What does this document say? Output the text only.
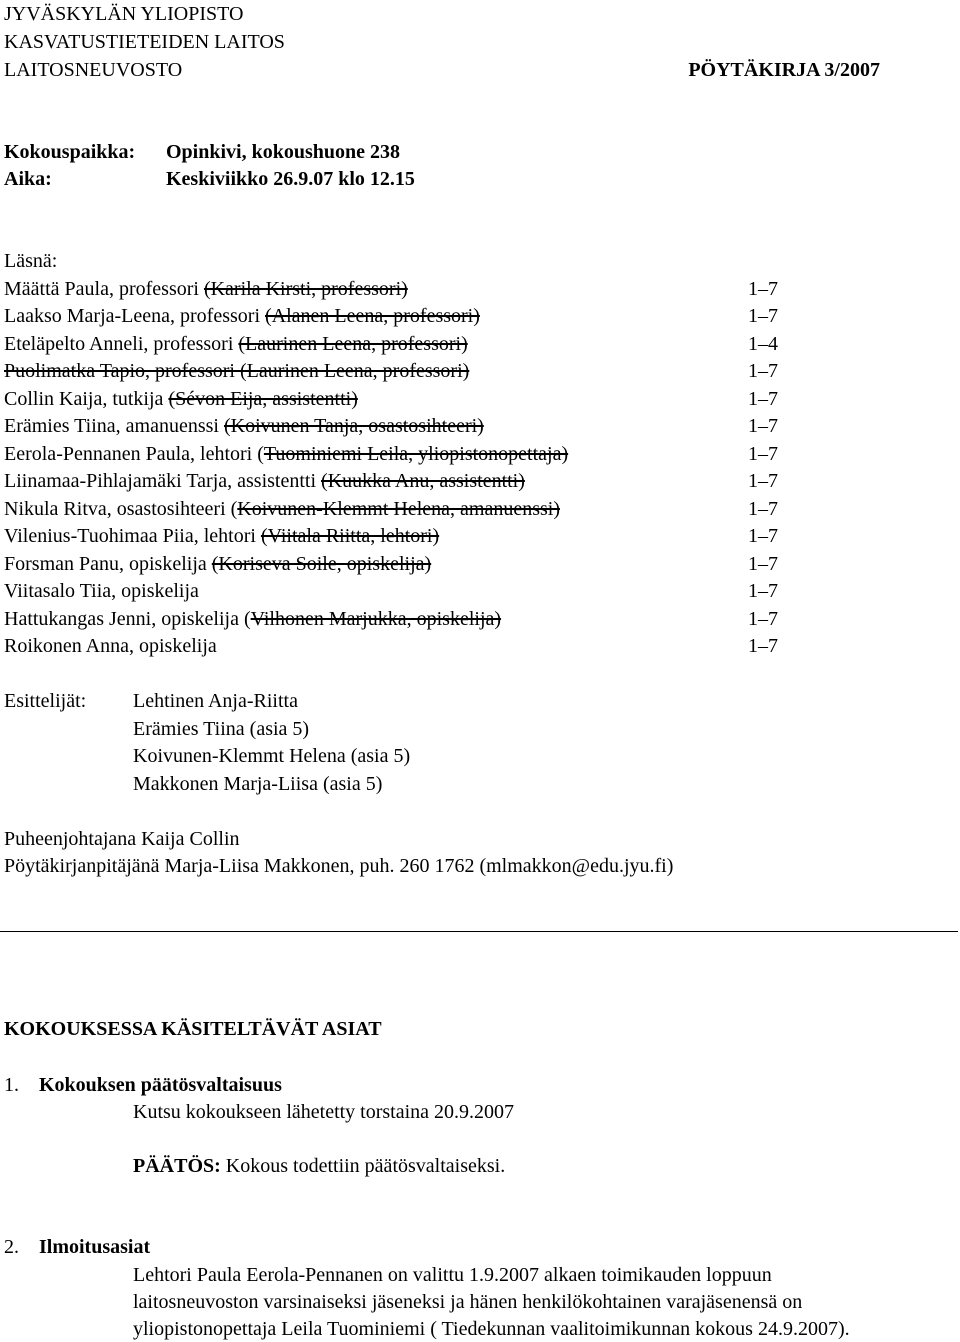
JYVÄSKYLÄN YLIOPISTO
KASVATUSTIETEIDEN LAITOS
LAITOSNEUVOSTO	PÖYTÄKIRJA 3/2007
Kokouspaikka: Opinkivi, kokoushuone 238
Aika:	Keskiviikko 26.9.07 klo 12.15
Läsnä:
Määttä Paula, professori (Karila Kirsti, professori)	1–7
Laakso Marja-Leena, professori (Alanen Leena, professori)	1–7
Eteläpelto Anneli, professori (Laurinen Leena, professori)	1–4
Puolimatka Tapio, professori (Laurinen Leena, professori)	1–7
Collin Kaija, tutkija (Sévon Eija, assistentti)	1–7
Erämies Tiina, amanuenssi (Koivunen Tanja, osastosihteeri)	1–7
Eerola-Pennanen Paula, lehtori (Tuominiemi Leila, yliopistonopettaja)	1–7
Liinamaa-Pihlajamäki Tarja, assistentti (Kuukka Anu, assistentti)	1–7
Nikula Ritva, osastosihteeri (Koivunen-Klemmt Helena, amanuenssi)	1–7
Vilenius-Tuohimaa Piia, lehtori (Viitala Riitta, lehtori)	1–7
Forsman Panu, opiskelija (Koriseva Soile, opiskelija)	1–7
Viitasalo Tiia, opiskelija	1–7
Hattukangas Jenni, opiskelija (Vilhonen Marjukka, opiskelija)	1–7
Roikonen Anna, opiskelija	1–7
Esittelijät: Lehtinen Anja-Riitta
Erämies Tiina (asia 5)
Koivunen-Klemmt Helena (asia 5)
Makkonen Marja-Liisa (asia 5)
Puheenjohtajana Kaija Collin
Pöytäkirjanpitäjänä Marja-Liisa Makkonen, puh. 260 1762 (mlmakkon@edu.jyu.fi)
KOKOUKSESSA KÄSITELTÄVÄT ASIAT
1. Kokouksen päätösvaltaisuus
Kutsu kokoukseen lähetetty torstaina 20.9.2007
PÄÄTÖS: Kokous todettiin päätösvaltaiseksi.
2. Ilmoitusasiat
Lehtori Paula Eerola-Pennanen on valittu 1.9.2007 alkaen toimikauden loppuun
laitosneuvoston varsinaiseksi jäseneksi ja hänen henkilökohtainen varajäsenensä on
yliopistonopettaja Leila Tuominiemi ( Tiedekunnan vaalitoimikunnan kokous 24.9.2007).
